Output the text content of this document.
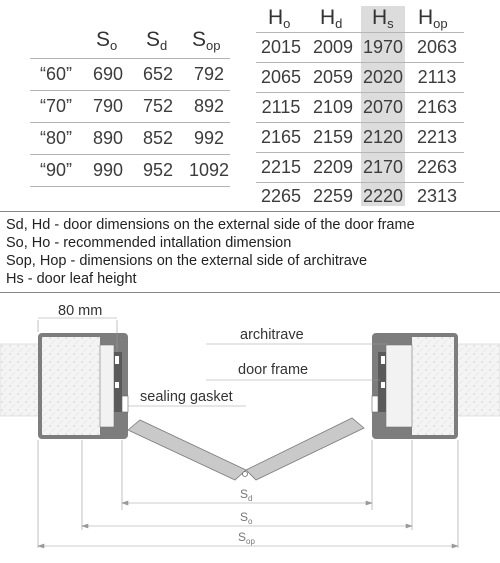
$S_o$ $S_d$ $S_{op}$
“60”	690	652	792
“70”	790	752	892
“80”	890	852	992
“90”	990	952 1092
$H_o$ $H_d$ $H_s$ $H_{op}$
2015 2009 1970 2063
2065 2059 2020 2113
2115 2109 2070 2163
2165 2159 2120 2213
2215 2209 2170 2263
2265 2259 2220 2313
Sd, Hd - door dimensions on the external side of the door frame
So, Ho - recommended intallation dimension
Sop, Hop - dimensions on the external side of architrave
Hs - door leaf height
80 mm
architrave
door frame
sealing gasket
$S_d$
$S_o$
$S_{op}$
